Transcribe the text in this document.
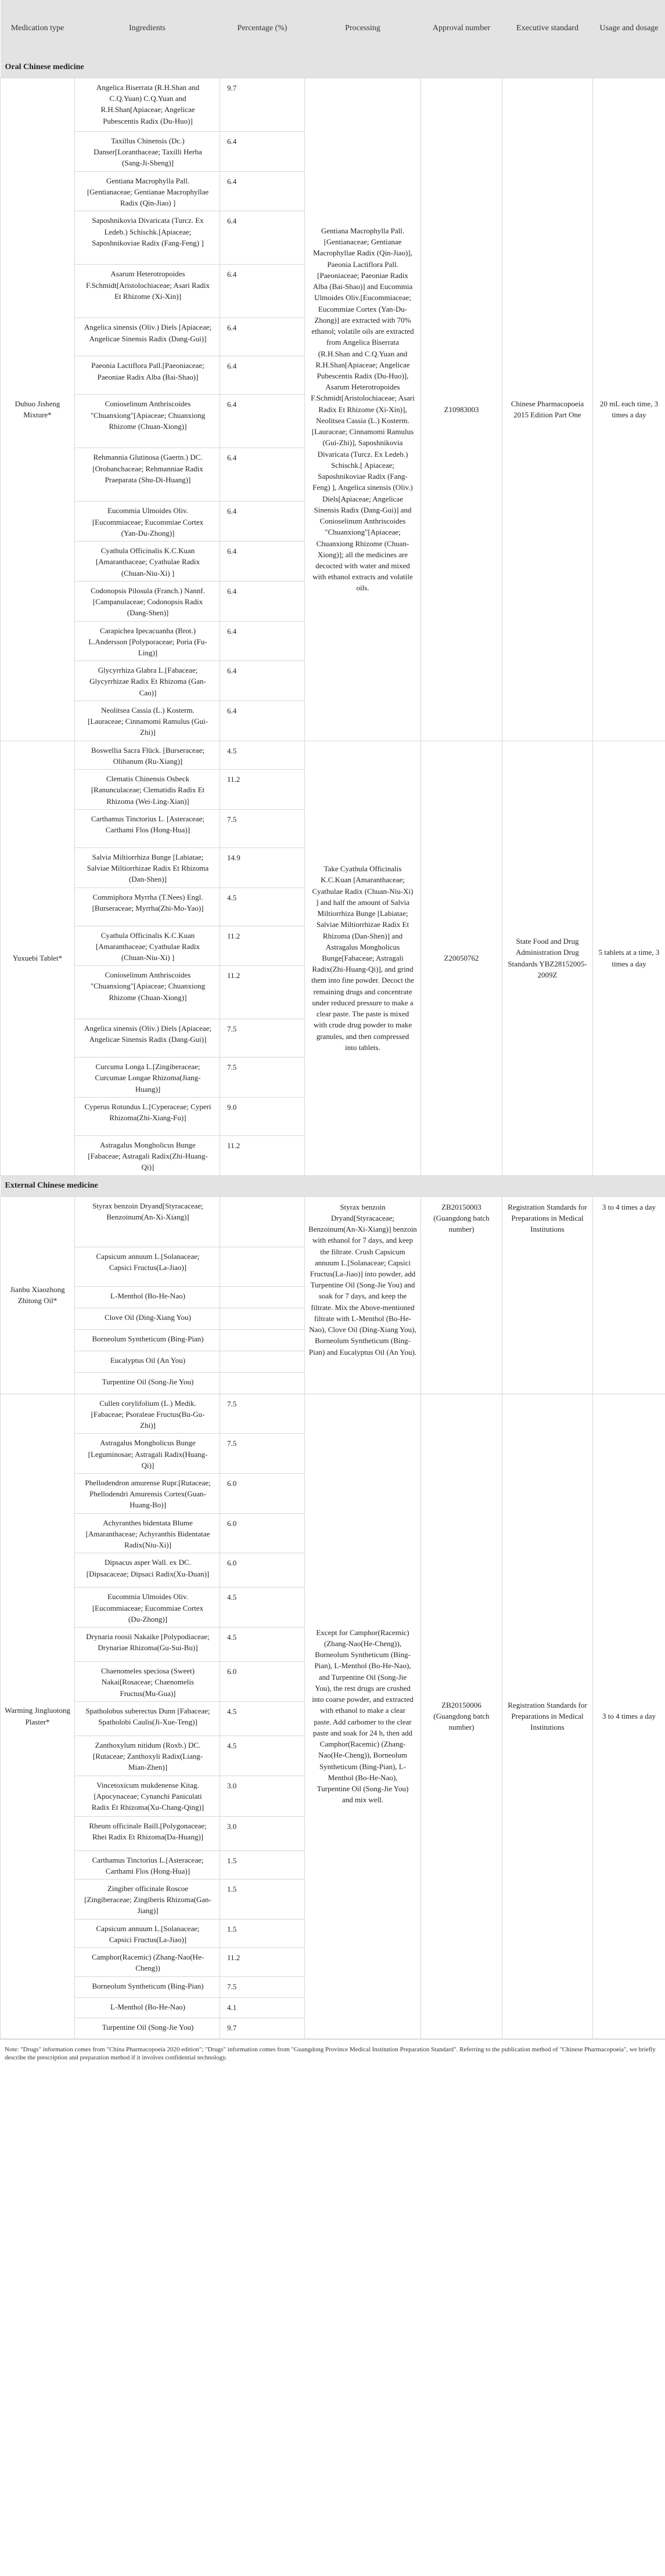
Medication type	Ingredients	Percentage (%)	Processing	Approval number	Executive standard	Usage and dosage
Oral Chinese medicine						
Duhuo Jisheng Mixture*	Angelica Biserrata (R.H.Shan and C.Q.Yuan) C.Q.Yuan and R.H.Shan[Apiaceae; Angelicae Pubescentis Radix (Du-Huo)]	9.7	Gentiana Macrophylla Pall.[Gentianaceae; Gentianae Macrophyllae Radix (Qin-Jiao)], Paeonia Lactiflora Pall.[Paeoniaceae; Paeoniae Radix Alba (Bai-Shao)] and Eucommia Ulmoides Oliv.[Eucommiaceae; Eucommiae Cortex (Yan-Du-Zhong)] are extracted with 70% ethanol; volatile oils are extracted from Angelica Biserrata (R.H.Shan and C.Q.Yuan and R.H.Shan[Apiaceae; Angelicae Pubescentis Radix (Du-Huo)], Asarum Heterotropoides F.Schmidt[Aristolochiaceae; Asari Radix Et Rhizome (Xi-Xin)], Neolitsea Cassia (L.) Kosterm.[Lauraceae; Cinnamomi Ramulus (Gui-Zhi)], Saposhnikovia Divaricata (Turcz. Ex Ledeb.) Schischk.[ Apiaceae; Saposhnikoviae Radix (Fang-Feng) ], Angelica sinensis (Oliv.) Diels[Apiaceae; Angelicae Sinensis Radix (Dang-Gui)] and Conioselinum Anthriscoides "Chuanxiong"[Apiaceae; Chuanxiong Rhizome (Chuan-Xiong)]; all the medicines are decocted with water and mixed with ethanol extracts and volatile oils.	Z10983003	Chinese Pharmacopoeia 2015 Edition Part One	20 mL each time, 3 times a day
	Taxillus Chinensis (Dc.) Danser[Loranthaceae; Taxilli Herba (Sang-Ji-Sheng)]	6.4				
	Gentiana Macrophylla Pall.[Gentianaceae; Gentianae Macrophyllae Radix (Qin-Jiao) ]	6.4				
	Saposhnikovia Divaricata (Turcz. Ex Ledeb.) Schischk.[Apiaceae; Saposhnikoviae Radix (Fang-Feng) ]	6.4				
	Asarum Heterotropoides F.Schmidt[Aristolochiaceae; Asari Radix Et Rhizome (Xi-Xin)]	6.4				
	Angelica sinensis (Oliv.) Diels [Apiaceae; Angelicae Sinensis Radix (Dang-Gui)]	6.4				
	Paeonia Lactiflora Pall.[Paeoniaceae; Paeoniae Radix Alba (Bai-Shao)]	6.4				
	Conioselinum Anthriscoides "Chuanxiong"[Apiaceae; Chuanxiong Rhizome (Chuan-Xiong)]	6.4				
	Rehmannia Glutinosa (Gaertn.) DC.[Orobanchaceae; Rehmanniae Radix Praeparata (Shu-Di-Huang)]	6.4				
	Eucommia Ulmoides Oliv.[Eucommiaceae; Eucommiae Cortex (Yan-Du-Zhong)]	6.4				
	Cyathula Officinalis K.C.Kuan [Amaranthaceae; Cyathulae Radix (Chuan-Niu-Xi) ]	6.4				
	Codonopsis Pilosula (Franch.) Nannf.[Campanulaceae; Codonopsis Radix (Dang-Shen)]	6.4				
	Carapichea Ipecacuanha (Brot.) L.Andersson [Polyporaceae; Poria (Fu-Ling)]	6.4				
	Glycyrrhiza Glabra L.[Fabaceae; Glycyrrhizae Radix Et Rhizoma (Gan-Cao)]	6.4				
	Neolitsea Cassia (L.) Kosterm.[Lauraceae; Cinnamomi Ramulus (Gui-Zhi)]	6.4				
Yuxuebi Tablet*	Boswellia Sacra Flück. [Burseraceae; Olibanum (Ru-Xiang)]	4.5	Take Cyathula Officinalis K.C.Kuan [Amaranthaceae; Cyathulae Radix (Chuan-Niu-Xi) ] and half the amount of Salvia Miltiorrhiza Bunge [Labiatae; Salviae Miltiorrhizae Radix Et Rhizoma (Dan-Shen)] and Astragalus Mongholicus Bunge[Fabaceae; Astragali Radix(Zhi-Huang-Qi)], and grind them into fine powder. Decoct the remaining drugs and concentrate under reduced pressure to make a clear paste. The paste is mixed with crude drug powder to make granules, and then compressed into tablets.	Z20050762	State Food and Drug Administration Drug Standards YBZ28152005-2009Z	5 tablets at a time, 3 times a day
	Clematis Chinensis Osbeck [Ranunculaceae; Clematidis Radix Et Rhizoma (Wei-Ling-Xian)]	11.2				
	Carthamus Tinctorius L. [Asteraceae; Carthami Flos (Hong-Hua)]	7.5				
	Salvia Miltiorrhiza Bunge [Labiatae; Salviae Miltiorrhizae Radix Et Rhizoma (Dan-Shen)]	14.9				
	Commiphora Myrrha (T.Nees) Engl.[Burseraceae; Myrrha(Zhi-Mo-Yao)]	4.5				
	Cyathula Officinalis K.C.Kuan [Amaranthaceae; Cyathulae Radix (Chuan-Niu-Xi) ]	11.2				
	Conioselinum Anthriscoides "Chuanxiong"[Apiaceae; Chuanxiong Rhizome (Chuan-Xiong)]	11.2				
	Angelica sinensis (Oliv.) Diels [Apiaceae; Angelicae Sinensis Radix (Dang-Gui)]	7.5				
	Curcuma Longa L.[Zingiberaceae; Curcumae Longae Rhizoma(Jiang-Huang)]	7.5				
	Cyperus Rotundus L.[Cyperaceae; Cyperi Rhizoma(Zhi-Xiang-Fu)]	9.0				
	Astragalus Mongholicus Bunge [Fabaceae; Astragali Radix(Zhi-Huang-Qi)]	11.2				
External Chinese medicine						
Jianbu Xiaozhong Zhitong Oil*	Styrax benzoin Dryand[Styracaceae; Benzoinum(An-Xi-Xiang)]		Styrax benzoin Dryand[Styracaceae; Benzoinum(An-Xi-Xiang)] benzoin with ethanol for 7 days, and keep the filtrate. Crush Capsicum annuum L.[Solanaceae; Capsici Fructus(La-Jiao)] into powder, add Turpentine Oil (Song-Jie You) and soak for 7 days, and keep the filtrate. Mix the Above-mentioned filtrate with L-Menthol (Bo-He-Nao), Clove Oil (Ding-Xiang You), Borneolum Syntheticum (Bing-Pian) and Eucalyptus Oil (An You).	ZB20150003 (Guangdong batch number)	Registration Standards for Preparations in Medical Institutions	3 to 4 times a day
	Capsicum annuum L.[Solanaceae; Capsici Fructus(La-Jiao)]					
	L-Menthol (Bo-He-Nao)					
	Clove Oil (Ding-Xiang You)					
	Borneolum Syntheticum (Bing-Pian)					
	Eucalyptus Oil (An You)					
	Turpentine Oil (Song-Jie You)					
Warming Jingluotong Plaster*	Cullen corylifolium (L.) Medik.[Fabaceae; Psoraleae Fructus(Bu-Gu-Zhi)]	7.5	Except for Camphor(Racemic) (Zhang-Nao(He-Cheng)), Borneolum Syntheticum (Bing-Pian), L-Menthol (Bo-He-Nao), and Turpentine Oil (Song-Jie You), the rest drugs are crushed into coarse powder, and extracted with ethanol to make a clear paste. Add carbomer to the clear paste and soak for 24 h, then add Camphor(Racemic) (Zhang-Nao(He-Cheng)), Borneolum Syntheticum (Bing-Pian), L-Menthol (Bo-He-Nao), Turpentine Oil (Song-Jie You) and mix well.	ZB20150006 (Guangdong batch number)	Registration Standards for Preparations in Medical Institutions	3 to 4 times a day
	Astragalus Mongholicus Bunge [Leguminosae; Astragali Radix(Huang-Qi)]	7.5				
	Phellodendron amurense Rupr.[Rutaceae; Phellodendri Amurensis Cortex(Guan-Huang-Bo)]	6.0				
	Achyranthes bidentata Blume [Amaranthaceae; Achyranthis Bidentatae Radix(Niu-Xi)]	6.0				
	Dipsacus asper Wall. ex DC.[Dipsacaceae; Dipsaci Radix(Xu-Duan)]	6.0				
	Eucommia Ulmoides Oliv.[Eucommiaceae; Eucommiae Cortex (Du-Zhong)]	4.5				
	Drynaria roosii Nakaike [Polypodiaceae; Drynariae Rhizoma(Gu-Sui-Bu)]	4.5				
	Chaenomeles speciosa (Sweet) Nakai[Rosaceae; Chaenomelis Fructus(Mu-Gua)]	6.0				
	Spatholobus suberectus Dunn [Fabaceae; Spatholobi Caulis(Ji-Xue-Teng)]	4.5				
	Zanthoxylum nitidum (Roxb.) DC.[Rutaceae; Zanthoxyli Radix(Liang-Mian-Zhen)]	4.5				
	Vincetoxicum mukdenense Kitag.[Apocynaceae; Cynanchi Paniculati Radix Et Rhizoma(Xu-Chang-Qing)]	3.0				
	Rheum officinale Baill.[Polygonaceae; Rhei Radix Et Rhizoma(Da-Huang)]	3.0				
	Carthamus Tinctorius L.[Asteraceae; Carthami Flos (Hong-Hua)]	1.5				
	Zingiber officinale Roscoe [Zingiberaceae; Zingiberis Rhizoma(Gan-Jiang)]	1.5				
	Capsicum annuum L.[Solanaceae; Capsici Fructus(La-Jiao)]	1.5				
	Camphor(Racemic) (Zhang-Nao(He-Cheng))	11.2				
	Borneolum Syntheticum (Bing-Pian)	7.5				
	L-Menthol (Bo-He-Nao)	4.1				
	Turpentine Oil (Song-Jie You)	9.7				
Note: "Drugs" information comes from "China Pharmacopoeia 2020 edition"; "Drugs" information comes from "Guangdong Province Medical Institution Preparation Standard". Referring to the publication method of "Chinese Pharmacopoeia", we briefly describe the prescription and preparation method if it involves confidential technology.
